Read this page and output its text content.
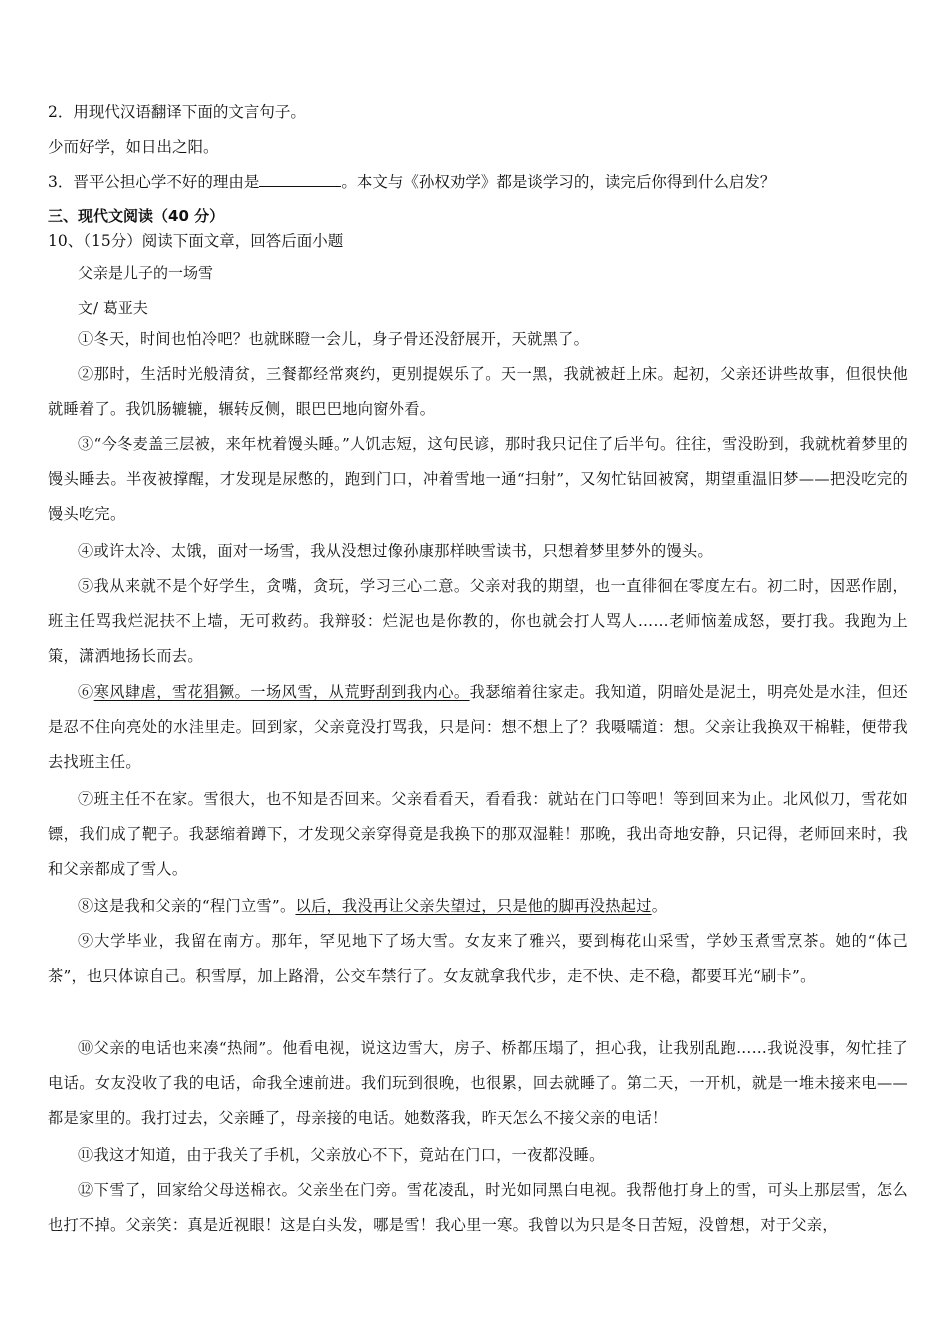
2．用现代汉语翻译下面的文言句子。
少而好学，如日出之阳。
3．晋平公担心学不好的理由是	。本文与《孙权劝学》都是谈学习的，读完后你得到什么启发？
三、现代文阅读（40 分）
10、（15分）阅读下面文章，回答后面小题
父亲是儿子的一场雪
文/ 葛亚夫
①冬天，时间也怕冷吧？也就眯瞪一会儿，身子骨还没舒展开，天就黑了。
②那时，生活时光般清贫，三餐都经常爽约，更别提娱乐了。天一黑，我就被赶上床。起初，父亲还讲些故事，但很快他就睡着了。我饥肠辘辘，辗转反侧，眼巴巴地向窗外看。
③“今冬麦盖三层被，来年枕着馒头睡。”人饥志短，这句民谚，那时我只记住了后半句。往往，雪没盼到，我就枕着梦里的馒头睡去。半夜被撑醒，才发现是尿憋的，跑到门口，冲着雪地一通“扫射”，又匆忙钻回被窝，期望重温旧梦——把没吃完的馒头吃完。
④或许太冷、太饿，面对一场雪，我从没想过像孙康那样映雪读书，只想着梦里梦外的馒头。
⑤我从来就不是个好学生，贪嘴，贪玩，学习三心二意。父亲对我的期望，也一直徘徊在零度左右。初二时，因恶作剧，班主任骂我烂泥扶不上墙，无可救药。我辩驳：烂泥也是你教的，你也就会打人骂人……老师恼羞成怒，要打我。我跑为上策，潇洒地扬长而去。
⑥寒风肆虐，雪花猖獗。一场风雪，从荒野刮到我内心。我瑟缩着往家走。我知道，阴暗处是泥土，明亮处是水洼，但还是忍不住向亮处的水洼里走。回到家，父亲竟没打骂我，只是问：想不想上了？我嗫嚅道：想。父亲让我换双干棉鞋，便带我去找班主任。
⑦班主任不在家。雪很大，也不知是否回来。父亲看看天，看看我：就站在门口等吧！等到回来为止。北风似刀，雪花如镖，我们成了靶子。我瑟缩着蹲下，才发现父亲穿得竟是我换下的那双湿鞋！那晚，我出奇地安静，只记得，老师回来时，我和父亲都成了雪人。
⑧这是我和父亲的“程门立雪”。以后，我没再让父亲失望过，只是他的脚再没热起过。
⑨大学毕业，我留在南方。那年，罕见地下了场大雪。女友来了雅兴，要到梅花山采雪，学妙玉煮雪烹茶。她的“体己茶”，也只体谅自己。积雪厚，加上路滑，公交车禁行了。女友就拿我代步，走不快、走不稳，都要耳光“刷卡”。
⑩父亲的电话也来凑“热闹”。他看电视，说这边雪大，房子、桥都压塌了，担心我，让我别乱跑……我说没事，匆忙挂了电话。女友没收了我的电话，命我全速前进。我们玩到很晚，也很累，回去就睡了。第二天，一开机，就是一堆未接来电——都是家里的。我打过去，父亲睡了，母亲接的电话。她数落我，昨天怎么不接父亲的电话！
⑪我这才知道，由于我关了手机，父亲放心不下，竟站在门口，一夜都没睡。
⑫下雪了，回家给父母送棉衣。父亲坐在门旁。雪花凌乱，时光如同黑白电视。我帮他打身上的雪，可头上那层雪，怎么也打不掉。父亲笑：真是近视眼！这是白头发，哪是雪！我心里一寒。我曾以为只是冬日苦短，没曾想，对于父亲，
